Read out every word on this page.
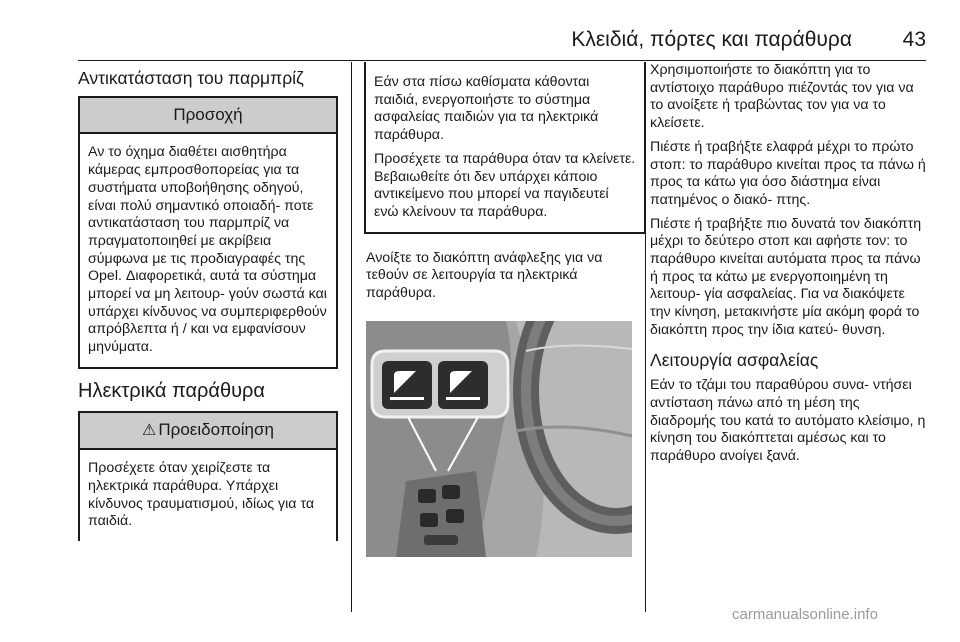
Κλειδιά, πόρτες και παράθυρα 43
Αντικατάσταση του παρμπρίζ
Προσοχή

Αν το όχημα διαθέτει αισθητήρα κάμερας εμπροσθοπορείας για τα συστήματα υποβοήθησης οδηγού, είναι πολύ σημαντικό οποιαδή- ποτε αντικατάσταση του παρμπρίζ να πραγματοποιηθεί με ακρίβεια σύμφωνα με τις προδιαγραφές της Opel. Διαφορετικά, αυτά τα σύστημα μπορεί να μη λειτουρ- γούν σωστά και υπάρχει κίνδυνος να συμπεριφερθούν απρόβλεπτα ή / και να εμφανίσουν μηνύματα.

Ηλεκτρικά παράθυρα
⚠ Προειδοποίηση

Προσέχετε όταν χειρίζεστε τα ηλεκτρικά παράθυρα. Υπάρχει κίνδυνος τραυματισμού, ιδίως για τα παιδιά.

Εάν στα πίσω καθίσματα κάθονται παιδιά, ενεργοποιήστε το σύστημα ασφαλείας παιδιών για τα ηλεκτρικά παράθυρα.

Προσέχετε τα παράθυρα όταν τα κλείνετε. Βεβαιωθείτε ότι δεν υπάρχει κάποιο αντικείμενο που μπορεί να παγιδευτεί ενώ κλείνουν τα παράθυρα.

Ανοίξτε το διακόπτη ανάφλεξης για να τεθούν σε λειτουργία τα ηλεκτρικά παράθυρα.

Χρησιμοποιήστε το διακόπτη για το αντίστοιχο παράθυρο πιέζοντάς τον για να το ανοίξετε ή τραβώντας τον για να το κλείσετε.

Πιέστε ή τραβήξτε ελαφρά μέχρι το πρώτο στοπ: το παράθυρο κινείται προς τα πάνω ή προς τα κάτω για όσο διάστημα είναι πατημένος ο διακό- πτης.

Πιέστε ή τραβήξτε πιο δυνατά τον διακόπτη μέχρι το δεύτερο στοπ και αφήστε τον: το παράθυρο κινείται αυτόματα προς τα πάνω ή προς τα κάτω με ενεργοποιημένη τη λειτουρ- γία ασφαλείας. Για να διακόψετε την κίνηση, μετακινήστε μία ακόμη φορά το διακόπτη προς την ίδια κατεύ- θυνση.

Λειτουργία ασφαλείας

Εάν το τζάμι του παραθύρου συνα- ντήσει αντίσταση πάνω από τη μέση της διαδρομής του κατά το αυτόματο κλείσιμο, η κίνηση του διακόπτεται αμέσως και το παράθυρο ανοίγει ξανά.

carmanualsonline.info
